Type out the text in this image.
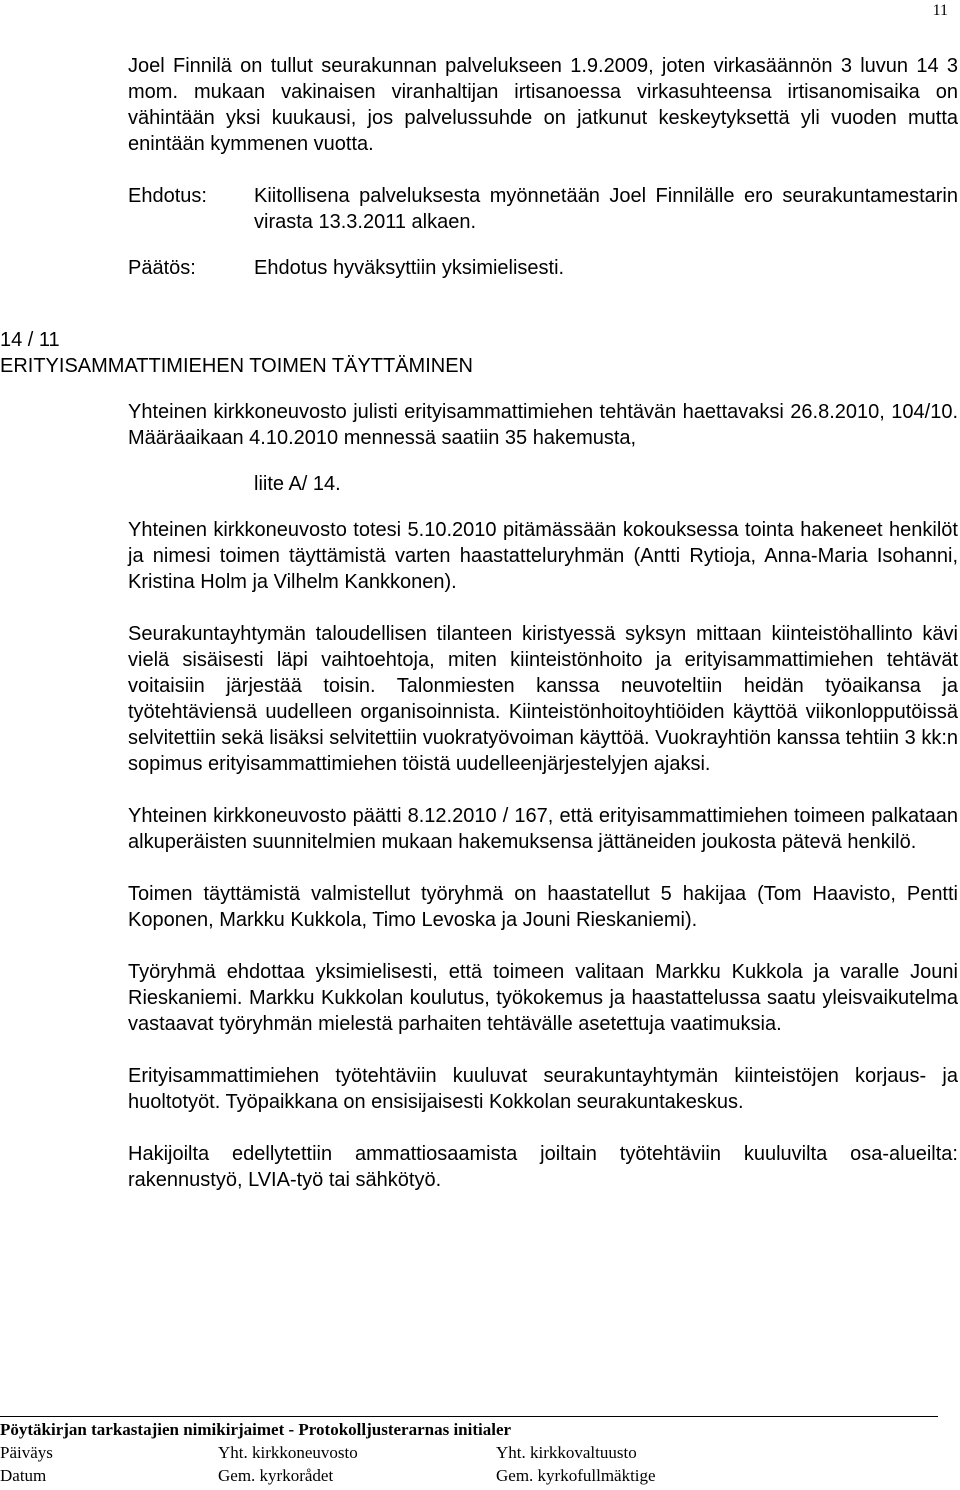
11

Joel Finnilä on tullut seurakunnan palvelukseen 1.9.2009, joten virkasäännön 3 luvun 14 3 mom. mukaan vakinaisen viranhaltijan irtisanoessa virkasuhteensa irtisanomisaika on vähintään yksi kuukausi, jos palvelussuhde on jatkunut keskeytyksettä yli vuoden mutta enintään kymmenen vuotta.

Ehdotus:	Kiitollisena palveluksesta myönnetään Joel Finnilälle ero seurakuntamestarin virasta 13.3.2011 alkaen.
Päätös:	Ehdotus hyväksyttiin yksimielisesti.
14 / 11
ERITYISAMMATTIMIEHEN TOIMEN TÄYTTÄMINEN

Yhteinen kirkkoneuvosto julisti erityisammattimiehen tehtävän haettavaksi 26.8.2010, 104/10. Määräaikaan 4.10.2010 mennessä saatiin 35 hakemusta,

liite A/ 14.

Yhteinen kirkkoneuvosto totesi 5.10.2010 pitämässään kokouksessa tointa hakeneet henkilöt ja nimesi toimen täyttämistä varten haastatteluryhmän (Antti Rytioja, Anna-Maria Isohanni, Kristina Holm ja Vilhelm Kankkonen).

Seurakuntayhtymän taloudellisen tilanteen kiristyessä syksyn mittaan kiinteistöhallinto kävi vielä sisäisesti läpi vaihtoehtoja, miten kiinteistönhoito ja erityisammattimiehen tehtävät voitaisiin järjestää toisin. Talonmiesten kanssa neuvoteltiin heidän työaikansa ja työtehtäviensä uudelleen organisoinnista. Kiinteistönhoitoyhtiöiden käyttöä viikonlopputöissä selvitettiin sekä lisäksi selvitettiin vuokratyövoiman käyttöä. Vuokrayhtiön kanssa tehtiin 3 kk:n sopimus erityisammattimiehen töistä uudelleenjärjestelyjen ajaksi.

Yhteinen kirkkoneuvosto päätti 8.12.2010 / 167, että erityisammattimiehen toimeen palkataan alkuperäisten suunnitelmien mukaan hakemuksensa jättäneiden joukosta pätevä henkilö.

Toimen täyttämistä valmistellut työryhmä on haastatellut 5 hakijaa (Tom Haavisto, Pentti Koponen, Markku Kukkola, Timo Levoska ja Jouni Rieskaniemi).

Työryhmä ehdottaa yksimielisesti, että toimeen valitaan Markku Kukkola ja varalle Jouni Rieskaniemi. Markku Kukkolan koulutus, työkokemus ja haastattelussa saatu yleisvaikutelma vastaavat työryhmän mielestä parhaiten tehtävälle asetettuja vaatimuksia.

Erityisammattimiehen työtehtäviin kuuluvat seurakuntayhtymän kiinteistöjen korjaus- ja huoltotyöt. Työpaikkana on ensisijaisesti Kokkolan seurakuntakeskus.

Hakijoilta edellytettiin ammattiosaamista joiltain työtehtäviin kuuluvilta osa-alueilta: rakennustyö, LVIA-työ tai sähkötyö.

Pöytäkirjan tarkastajien nimikirjaimet - Protokolljusterarnas initialer
Päiväys	Yht. kirkkoneuvosto	Yht. kirkkovaltuusto
Datum	Gem. kyrkorådet	Gem. kyrkofullmäktige
